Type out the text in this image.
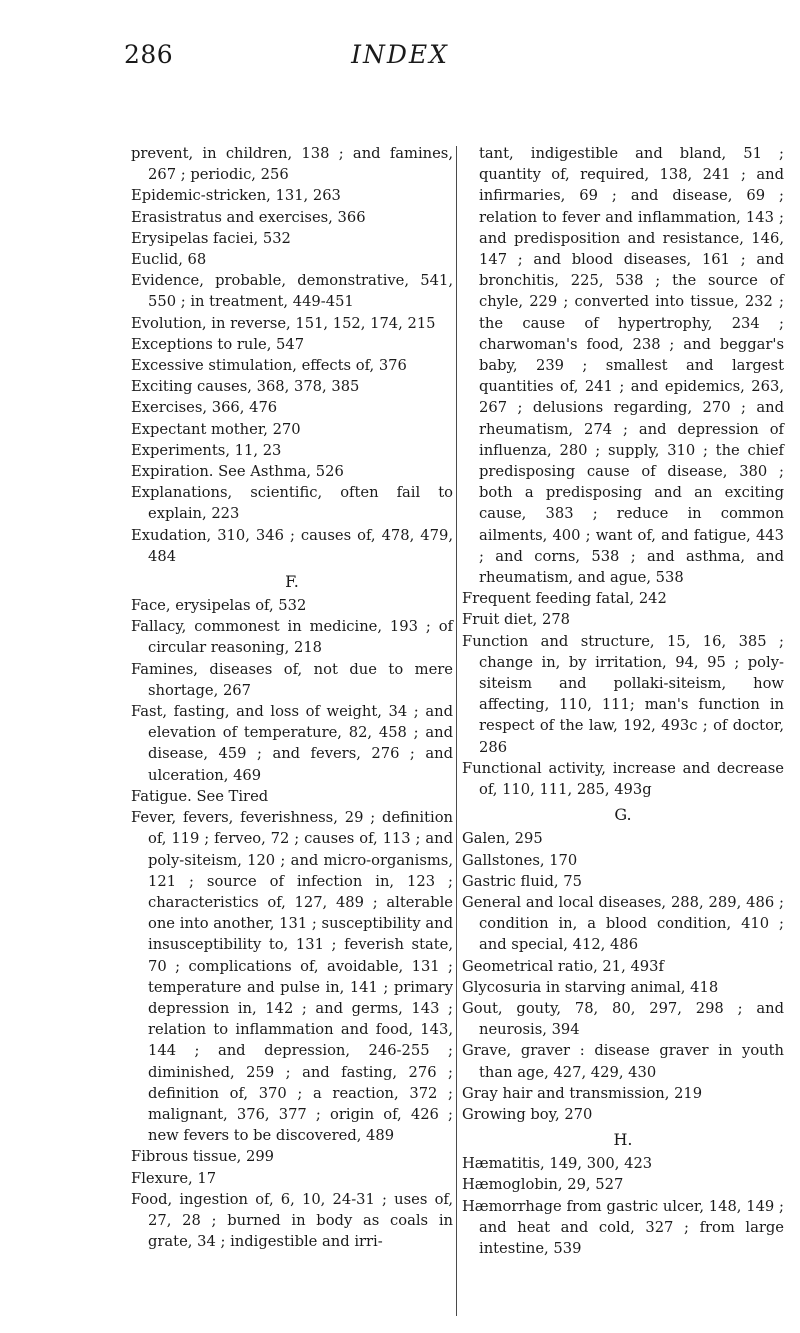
286	INDEX
prevent, in children, 138 ; and famines, 267 ; periodic, 256
Epidemic-stricken, 131, 263
Erasistratus and exercises, 366
Erysipelas faciei, 532
Euclid, 68
Evidence, probable, demonstrative, 541, 550 ; in treatment, 449-451
Evolution, in reverse, 151, 152, 174, 215
Exceptions to rule, 547
Excessive stimulation, effects of, 376
Exciting causes, 368, 378, 385
Exercises, 366, 476
Expectant mother, 270
Experiments, 11, 23
Expiration. See Asthma, 526
Explanations, scientific, often fail to explain, 223
Exudation, 310, 346 ; causes of, 478, 479, 484
F.
Face, erysipelas of, 532
Fallacy, commonest in medicine, 193 ; of circular reasoning, 218
Famines, diseases of, not due to mere shortage, 267
Fast, fasting, and loss of weight, 34 ; and elevation of temperature, 82, 458 ; and disease, 459 ; and fevers, 276 ; and ulceration, 469
Fatigue. See Tired
Fever, fevers, feverishness, 29 ; definition of, 119 ; ferveo, 72 ; causes of, 113 ; and poly-siteism, 120 ; and micro-organisms, 121 ; source of infection in, 123 ; characteristics of, 127, 489 ; alterable one into another, 131 ; susceptibility and insusceptibility to, 131 ; feverish state, 70 ; complications of, avoidable, 131 ; temperature and pulse in, 141 ; primary depression in, 142 ; and germs, 143 ; relation to inflammation and food, 143, 144 ; and depression, 246-255 ; diminished, 259 ; and fasting, 276 ; definition of, 370 ; a reaction, 372 ; malignant, 376, 377 ; origin of, 426 ; new fevers to be discovered, 489
Fibrous tissue, 299
Flexure, 17
Food, ingestion of, 6, 10, 24-31 ; uses of, 27, 28 ; burned in body as coals in grate, 34 ; indigestible and irri-
tant, indigestible and bland, 51 ; quantity of, required, 138, 241 ; and infirmaries, 69 ; and disease, 69 ; relation to fever and inflammation, 143 ; and predisposition and resistance, 146, 147 ; and blood diseases, 161 ; and bronchitis, 225, 538 ; the source of chyle, 229 ; converted into tissue, 232 ; the cause of hypertrophy, 234 ; charwoman's food, 238 ; and beggar's baby, 239 ; smallest and largest quantities of, 241 ; and epidemics, 263, 267 ; delusions regarding, 270 ; and rheumatism, 274 ; and depression of influenza, 280 ; supply, 310 ; the chief predisposing cause of disease, 380 ; both a predisposing and an exciting cause, 383 ; reduce in common ailments, 400 ; want of, and fatigue, 443 ; and corns, 538 ; and asthma, and rheumatism, and ague, 538
Frequent feeding fatal, 242
Fruit diet, 278
Function and structure, 15, 16, 385 ; change in, by irritation, 94, 95 ; poly-siteism and pollaki-siteism, how affecting, 110, 111; man's function in respect of the law, 192, 493c ; of doctor, 286
Functional activity, increase and decrease of, 110, 111, 285, 493g
G.
Galen, 295
Gallstones, 170
Gastric fluid, 75
General and local diseases, 288, 289, 486 ; condition in, a blood condition, 410 ; and special, 412, 486
Geometrical ratio, 21, 493f
Glycosuria in starving animal, 418
Gout, gouty, 78, 80, 297, 298 ; and neurosis, 394
Grave, graver : disease graver in youth than age, 427, 429, 430
Gray hair and transmission, 219
Growing boy, 270
H.
Hæmatitis, 149, 300, 423
Hæmoglobin, 29, 527
Hæmorrhage from gastric ulcer, 148, 149 ; and heat and cold, 327 ; from large intestine, 539
